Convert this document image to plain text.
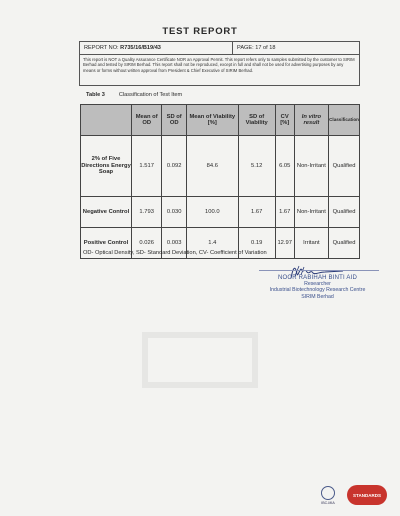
TEST REPORT
REPORT NO: R735/16/B19/43	PAGE: 17 of 18
This report is NOT a Quality Assurance Certificate NOR an Approval Permit. This report refers only to samples submitted by the customer to SIRIM Berhad and tested by SIRIM Berhad. This report shall not be reproduced, except in full and shall not be used for advertising purposes by any means or forms without written approval from President & Chief Executive of SIRIM Berhad.
Table 3	Classification of Test Item
	Mean of OD	SD of OD	Mean of Viability [%]	SD of Viability	CV [%]	In vitro result	Classification
2% of Five Directions Energy Soap	1.517	0.092	84.6	5.12	6.05	Non-Irritant	Qualified
Negative Control	1.793	0.030	100.0	1.67	1.67	Non-Irritant	Qualified
Positive Control	0.026	0.003	1.4	0.19	12.97	Irritant	Qualified
OD- Optical Density, SD- Standard Deviation, CV- Coefficient of Variation
NOOR RABIHAH BINTI AID
Researcher
Industrial Biotechnology Research Centre
SIRIM Berhad
IBC-MIA
STANDARDS
